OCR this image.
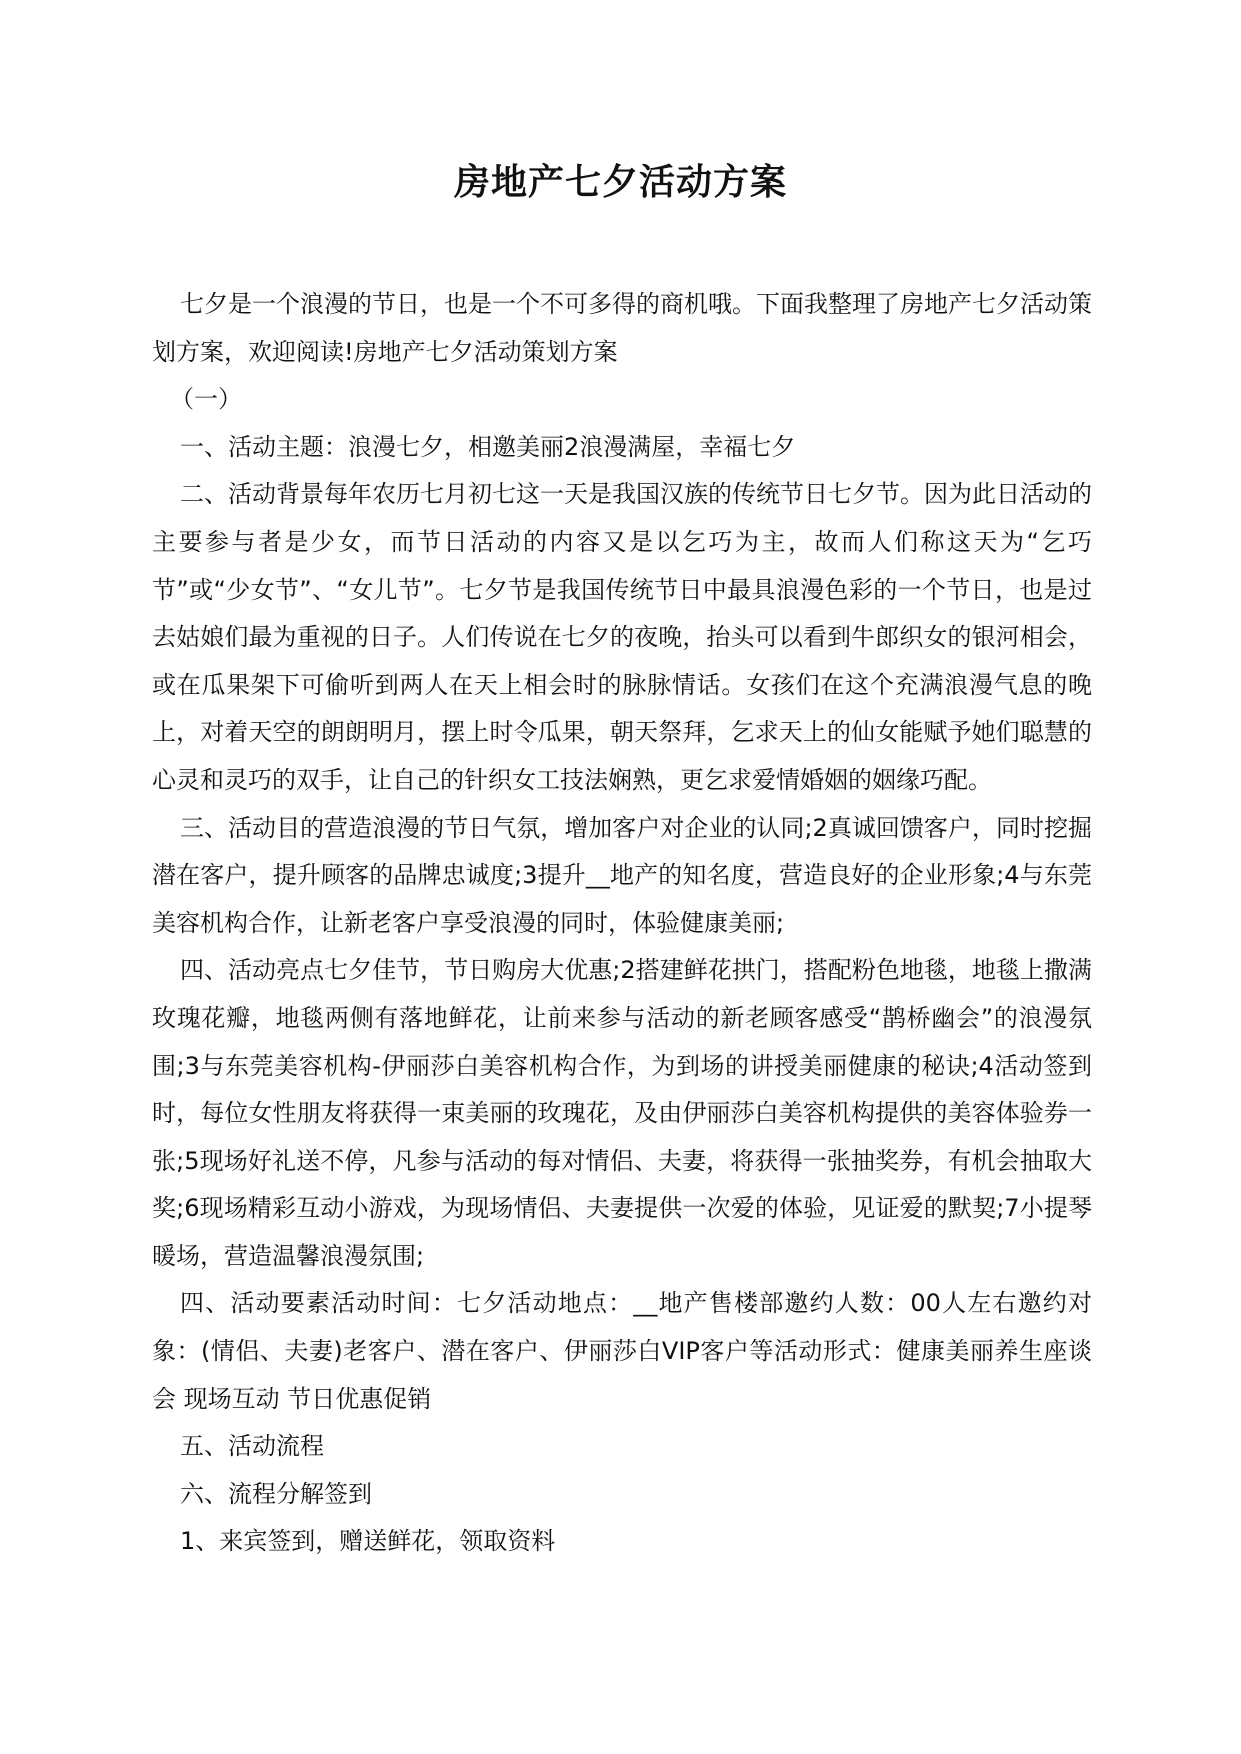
房地产七夕活动方案

七夕是一个浪漫的节日，也是一个不可多得的商机哦。下面我整理了房地产七夕活动策划方案，欢迎阅读!房地产七夕活动策划方案

（一）

一、活动主题：浪漫七夕，相邀美丽2浪漫满屋，幸福七夕

二、活动背景每年农历七月初七这一天是我国汉族的传统节日七夕节。因为此日活动的主要参与者是少女，而节日活动的内容又是以乞巧为主，故而人们称这天为“乞巧节”或“少女节”、“女儿节”。七夕节是我国传统节日中最具浪漫色彩的一个节日，也是过去姑娘们最为重视的日子。人们传说在七夕的夜晚，抬头可以看到牛郎织女的银河相会，或在瓜果架下可偷听到两人在天上相会时的脉脉情话。女孩们在这个充满浪漫气息的晚上，对着天空的朗朗明月，摆上时令瓜果，朝天祭拜，乞求天上的仙女能赋予她们聪慧的心灵和灵巧的双手，让自己的针织女工技法娴熟，更乞求爱情婚姻的姻缘巧配。

三、活动目的营造浪漫的节日气氛，增加客户对企业的认同;2真诚回馈客户，同时挖掘潜在客户，提升顾客的品牌忠诚度;3提升__地产的知名度，营造良好的企业形象;4与东莞美容机构合作，让新老客户享受浪漫的同时，体验健康美丽;

四、活动亮点七夕佳节，节日购房大优惠;2搭建鲜花拱门，搭配粉色地毯，地毯上撒满玫瑰花瓣，地毯两侧有落地鲜花，让前来参与活动的新老顾客感受“鹊桥幽会”的浪漫氛围;3与东莞美容机构-伊丽莎白美容机构合作，为到场的讲授美丽健康的秘诀;4活动签到时，每位女性朋友将获得一束美丽的玫瑰花，及由伊丽莎白美容机构提供的美容体验券一张;5现场好礼送不停，凡参与活动的每对情侣、夫妻，将获得一张抽奖券，有机会抽取大奖;6现场精彩互动小游戏，为现场情侣、夫妻提供一次爱的体验，见证爱的默契;7小提琴暖场，营造温馨浪漫氛围;

四、活动要素活动时间：七夕活动地点：__地产售楼部邀约人数：00人左右邀约对象：(情侣、夫妻)老客户、潜在客户、伊丽莎白VIP客户等活动形式：健康美丽养生座谈会 现场互动 节日优惠促销

五、活动流程

六、流程分解签到

1、来宾签到，赠送鲜花，领取资料
